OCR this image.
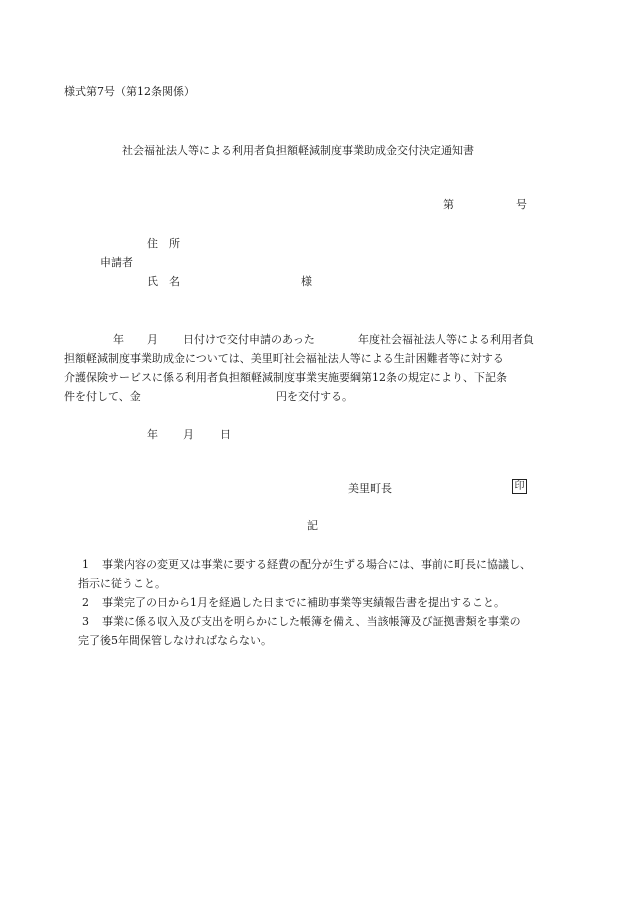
様式第7号（第12条関係）
社会福祉法人等による利用者負担額軽減制度事業助成金交付決定通知書
第	号
住　所
申請者
氏　名	様
年 月 日付けで交付申請のあった	年度社会福祉法人等による利用者負
担額軽減制度事業助成金については、美里町社会福祉法人等による生計困難者等に対する
介護保険サービスに係る利用者負担額軽減制度事業実施要綱第12条の規定により、下記条
件を付して、金	円を交付する。
年 月 日
美里町長	印
記
1 事業内容の変更又は事業に要する経費の配分が生ずる場合には、事前に町長に協議し、
指示に従うこと。
2 事業完了の日から1月を経過した日までに補助事業等実績報告書を提出すること。
3 事業に係る収入及び支出を明らかにした帳簿を備え、当該帳簿及び証拠書類を事業の
完了後5年間保管しなければならない。
